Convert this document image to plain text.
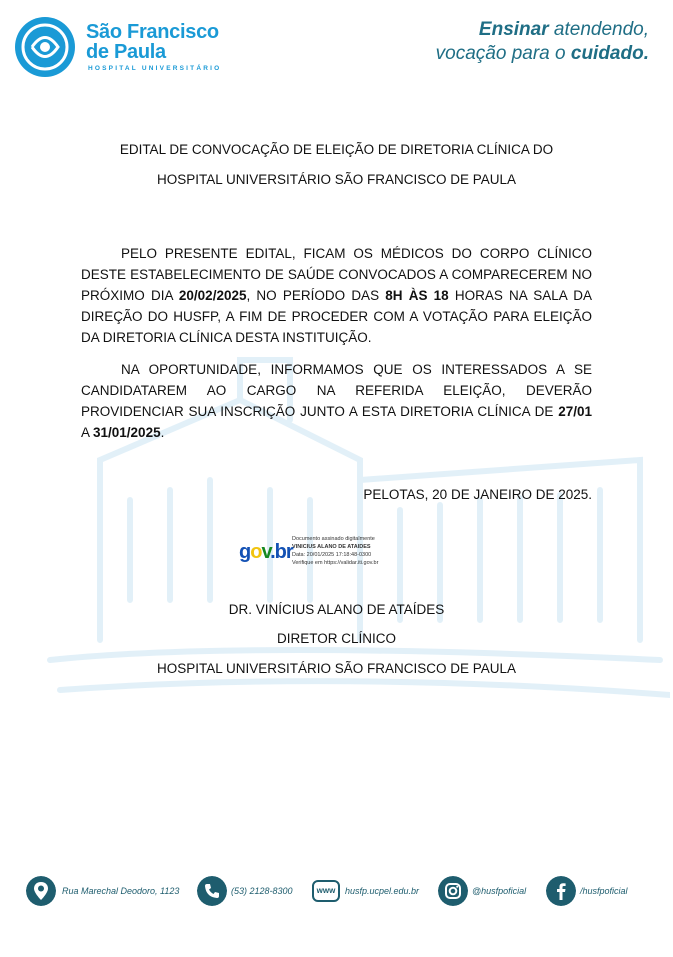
São Francisco
de Paula
HOSPITAL UNIVERSITÁRIO
Ensinar atendendo,
vocação para o cuidado.
EDITAL DE CONVOCAÇÃO DE ELEIÇÃO DE DIRETORIA CLÍNICA DO
HOSPITAL UNIVERSITÁRIO SÃO FRANCISCO DE PAULA

PELO PRESENTE EDITAL, FICAM OS MÉDICOS DO CORPO CLÍNICO DESTE ESTABELECIMENTO DE SAÚDE CONVOCADOS A COMPARECEREM NO PRÓXIMO DIA 20/02/2025, NO PERÍODO DAS 8H ÀS 18 HORAS NA SALA DA DIREÇÃO DO HUSFP, A FIM DE PROCEDER COM A VOTAÇÃO PARA ELEIÇÃO DA DIRETORIA CLÍNICA DESTA INSTITUIÇÃO.

NA OPORTUNIDADE, INFORMAMOS QUE OS INTERESSADOS A SE CANDIDATAREM AO CARGO NA REFERIDA ELEIÇÃO, DEVERÃO PROVIDENCIAR SUA INSCRIÇÃO JUNTO A ESTA DIRETORIA CLÍNICA DE 27/01 A 31/01/2025.

PELOTAS, 20 DE JANEIRO DE 2025.
gov.br
Documento assinado digitalmente
VINICIUS ALANO DE ATAIDES
Data: 20/01/2025 17:18:48-0300
Verifique em https://validar.iti.gov.br
DR. VINÍCIUS ALANO DE ATAÍDES
DIRETOR CLÍNICO
HOSPITAL UNIVERSITÁRIO SÃO FRANCISCO DE PAULA
Rua Marechal Deodoro, 1123	(53) 2128-8300	www	husfp.ucpel.edu.br	@husfpoficial	/husfpoficial
